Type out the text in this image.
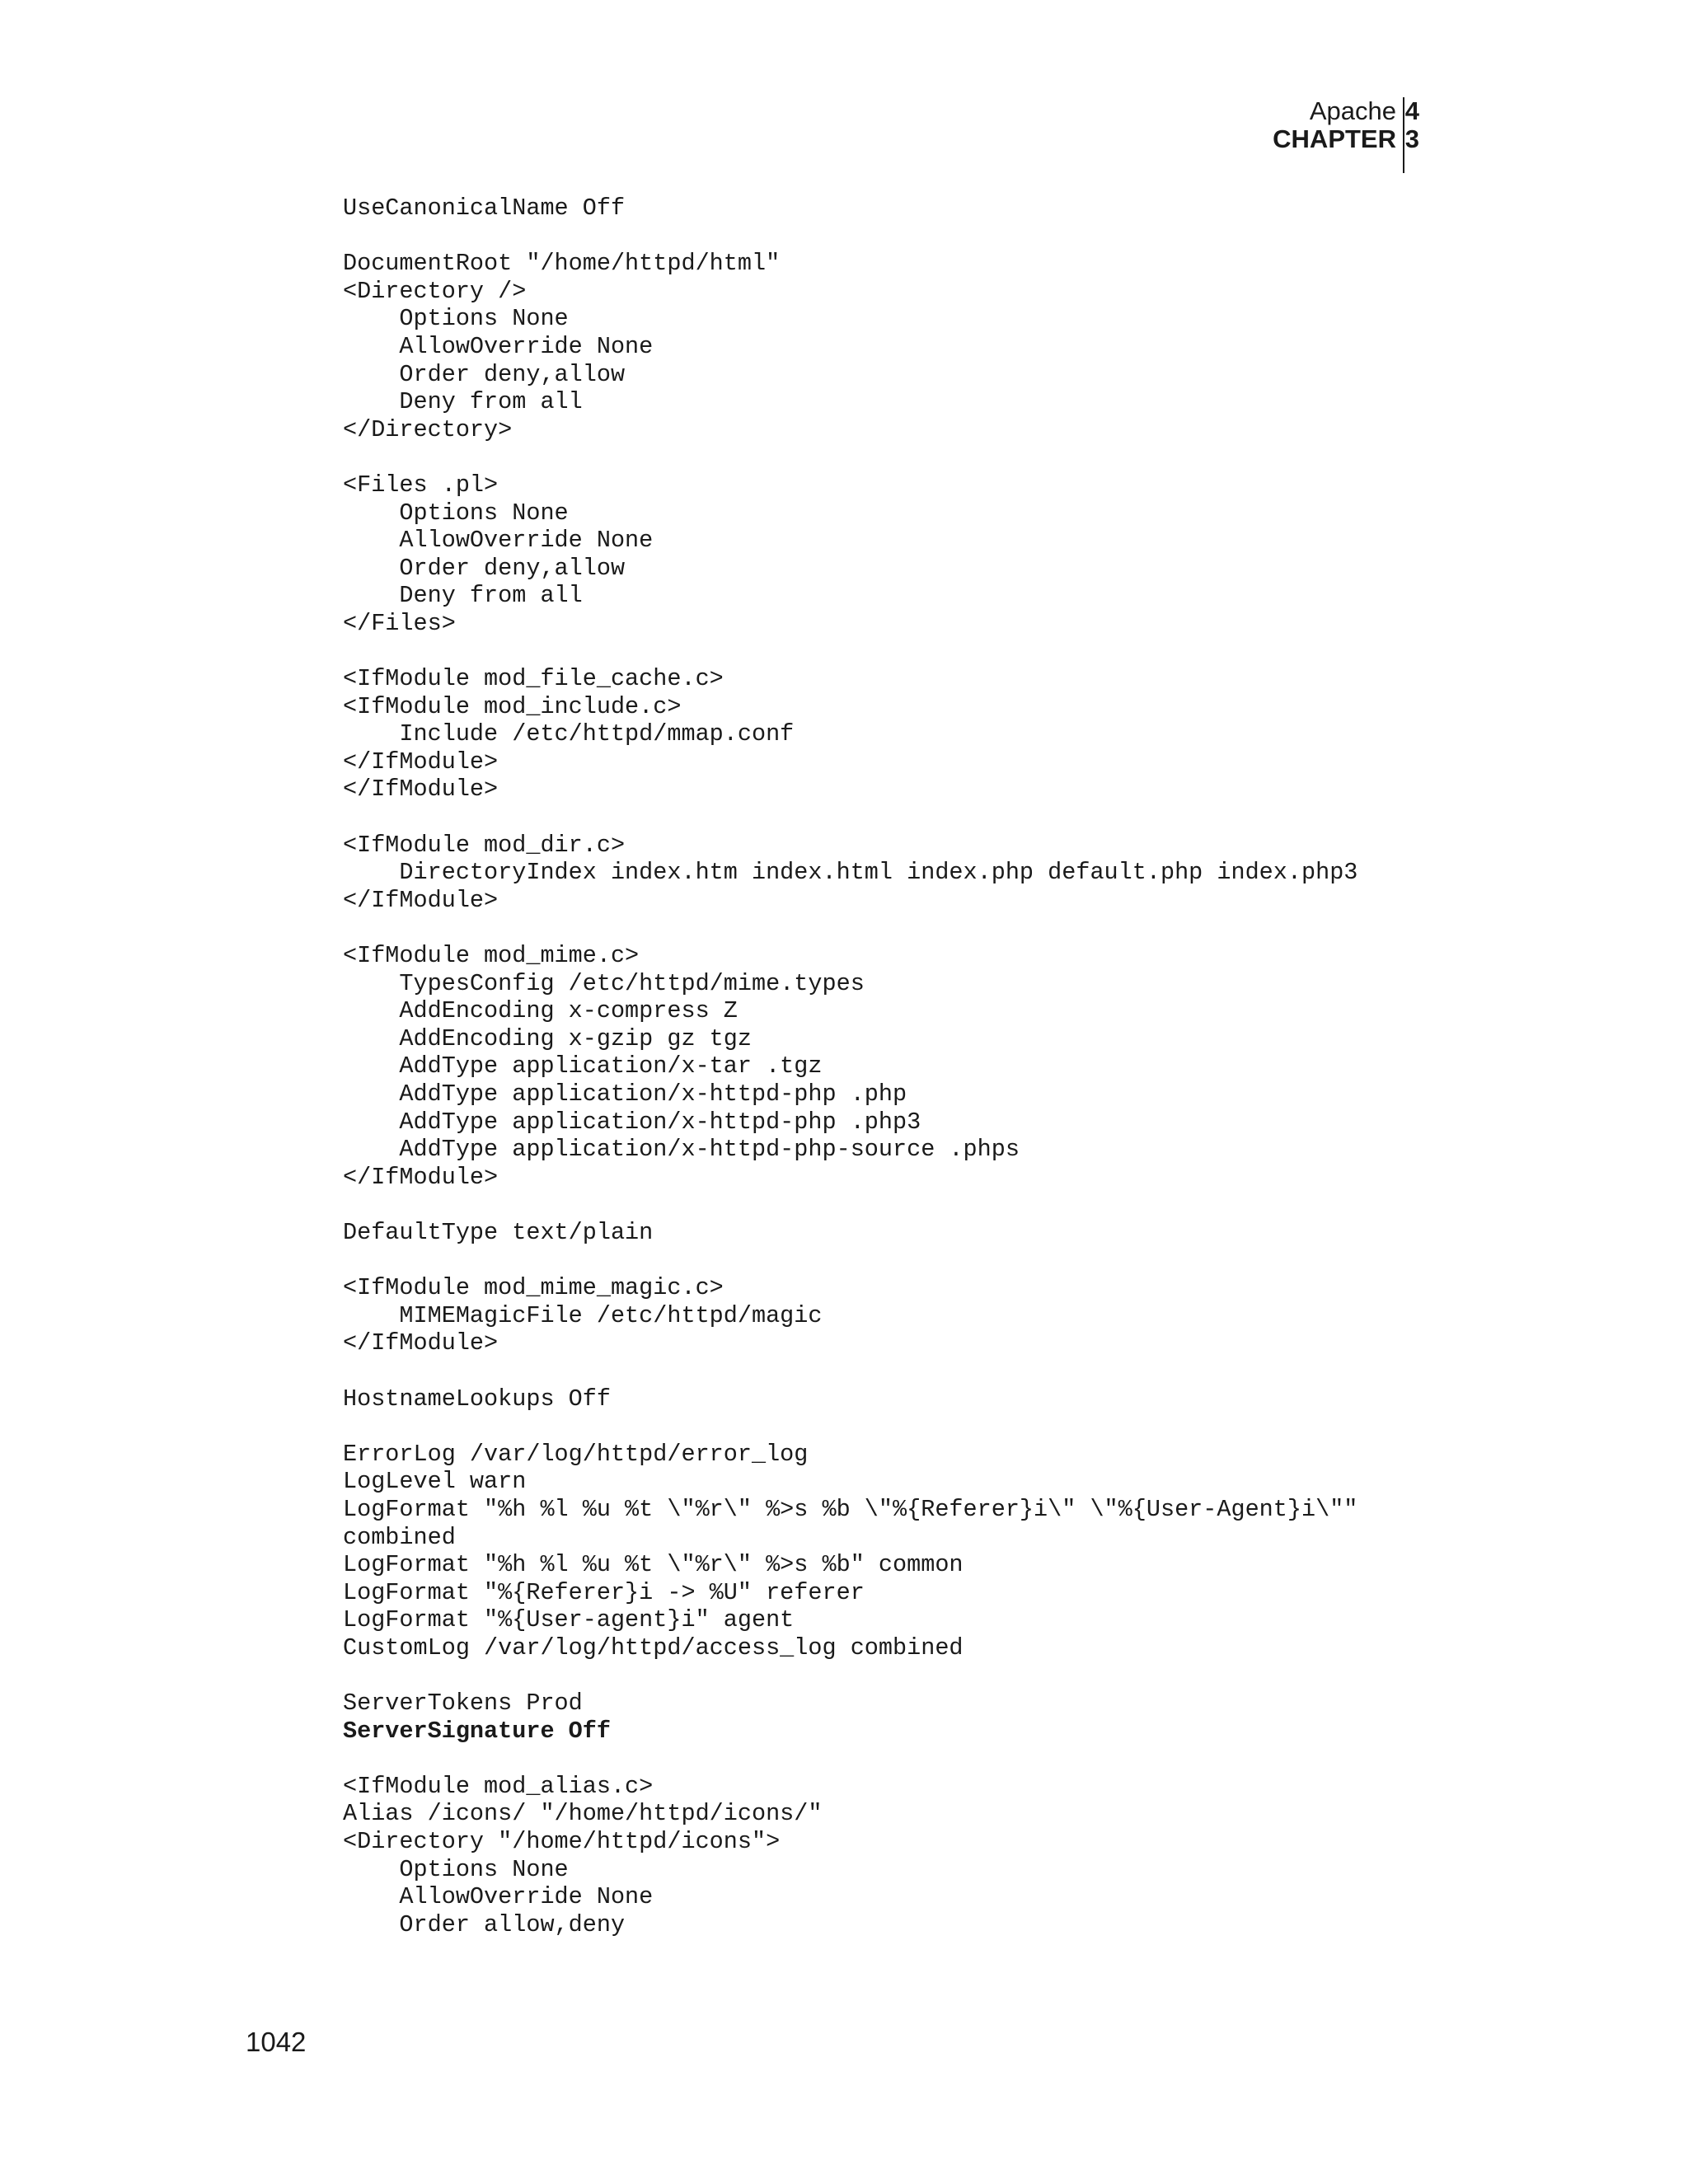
Apache
CHAPTER
4
3
UseCanonicalName Off
DocumentRoot "/home/httpd/html"
<Directory />
Options None
AllowOverride None
Order deny,allow
Deny from all
</Directory>
<Files .pl>
Options None
AllowOverride None
Order deny,allow
Deny from all
</Files>
<IfModule mod_file_cache.c>
<IfModule mod_include.c>
Include /etc/httpd/mmap.conf
</IfModule>
</IfModule>
<IfModule mod_dir.c>
DirectoryIndex index.htm index.html index.php default.php index.php3
</IfModule>
<IfModule mod_mime.c>
TypesConfig /etc/httpd/mime.types
AddEncoding x-compress Z
AddEncoding x-gzip gz tgz
AddType application/x-tar .tgz
AddType application/x-httpd-php .php
AddType application/x-httpd-php .php3
AddType application/x-httpd-php-source .phps
</IfModule>
DefaultType text/plain
<IfModule mod_mime_magic.c>
MIMEMagicFile /etc/httpd/magic
</IfModule>
HostnameLookups Off
ErrorLog /var/log/httpd/error_log
LogLevel warn
LogFormat "%h %l %u %t \"%r\" %>s %b \"%{Referer}i\" \"%{User-Agent}i\""
combined
LogFormat "%h %l %u %t \"%r\" %>s %b" common
LogFormat "%{Referer}i -> %U" referer
LogFormat "%{User-agent}i" agent
CustomLog /var/log/httpd/access_log combined
ServerTokens Prod
ServerSignature Off
<IfModule mod_alias.c>
Alias /icons/ "/home/httpd/icons/"
<Directory "/home/httpd/icons">
Options None
AllowOverride None
Order allow,deny
1042
